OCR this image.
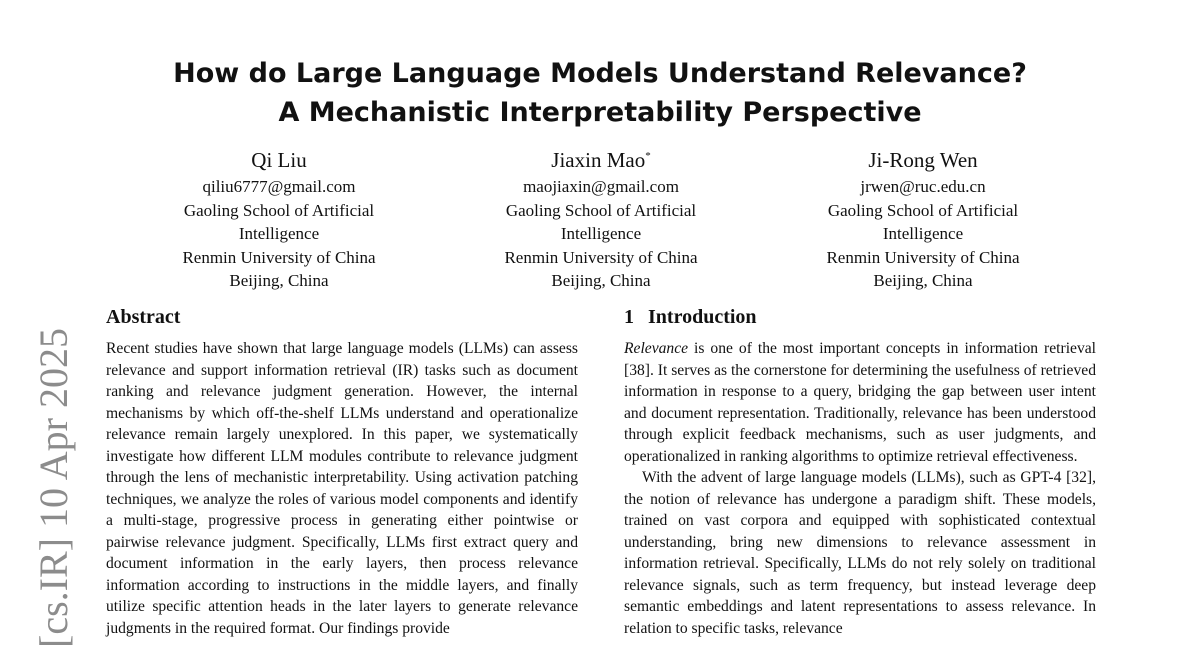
[cs.IR] 10 Apr 2025
How do Large Language Models Understand Relevance?
A Mechanistic Interpretability Perspective
Qi Liu
qiliu6777@gmail.com
Gaoling School of Artificial
Intelligence
Renmin University of China
Beijing, China
Jiaxin Mao*
maojiaxin@gmail.com
Gaoling School of Artificial
Intelligence
Renmin University of China
Beijing, China
Ji-Rong Wen
jrwen@ruc.edu.cn
Gaoling School of Artificial
Intelligence
Renmin University of China
Beijing, China
Abstract

Recent studies have shown that large language models (LLMs) can assess relevance and support information retrieval (IR) tasks such as document ranking and relevance judgment generation. However, the internal mechanisms by which off-the-shelf LLMs understand and operationalize relevance remain largely unexplored. In this paper, we systematically investigate how different LLM modules contribute to relevance judgment through the lens of mechanistic interpretability. Using activation patching techniques, we analyze the roles of various model components and identify a multi-stage, progressive process in generating either pointwise or pairwise relevance judgment. Specifically, LLMs first extract query and document information in the early layers, then process relevance information according to instructions in the middle layers, and finally utilize specific attention heads in the later layers to generate relevance judgments in the required format. Our findings provide

1 Introduction

Relevance is one of the most important concepts in information retrieval [38]. It serves as the cornerstone for determining the usefulness of retrieved information in response to a query, bridging the gap between user intent and document representation. Traditionally, relevance has been understood through explicit feedback mechanisms, such as user judgments, and operationalized in ranking algorithms to optimize retrieval effectiveness.

With the advent of large language models (LLMs), such as GPT-4 [32], the notion of relevance has undergone a paradigm shift. These models, trained on vast corpora and equipped with sophisticated contextual understanding, bring new dimensions to relevance assessment in information retrieval. Specifically, LLMs do not rely solely on traditional relevance signals, such as term frequency, but instead leverage deep semantic embeddings and latent representations to assess relevance. In relation to specific tasks, relevance
